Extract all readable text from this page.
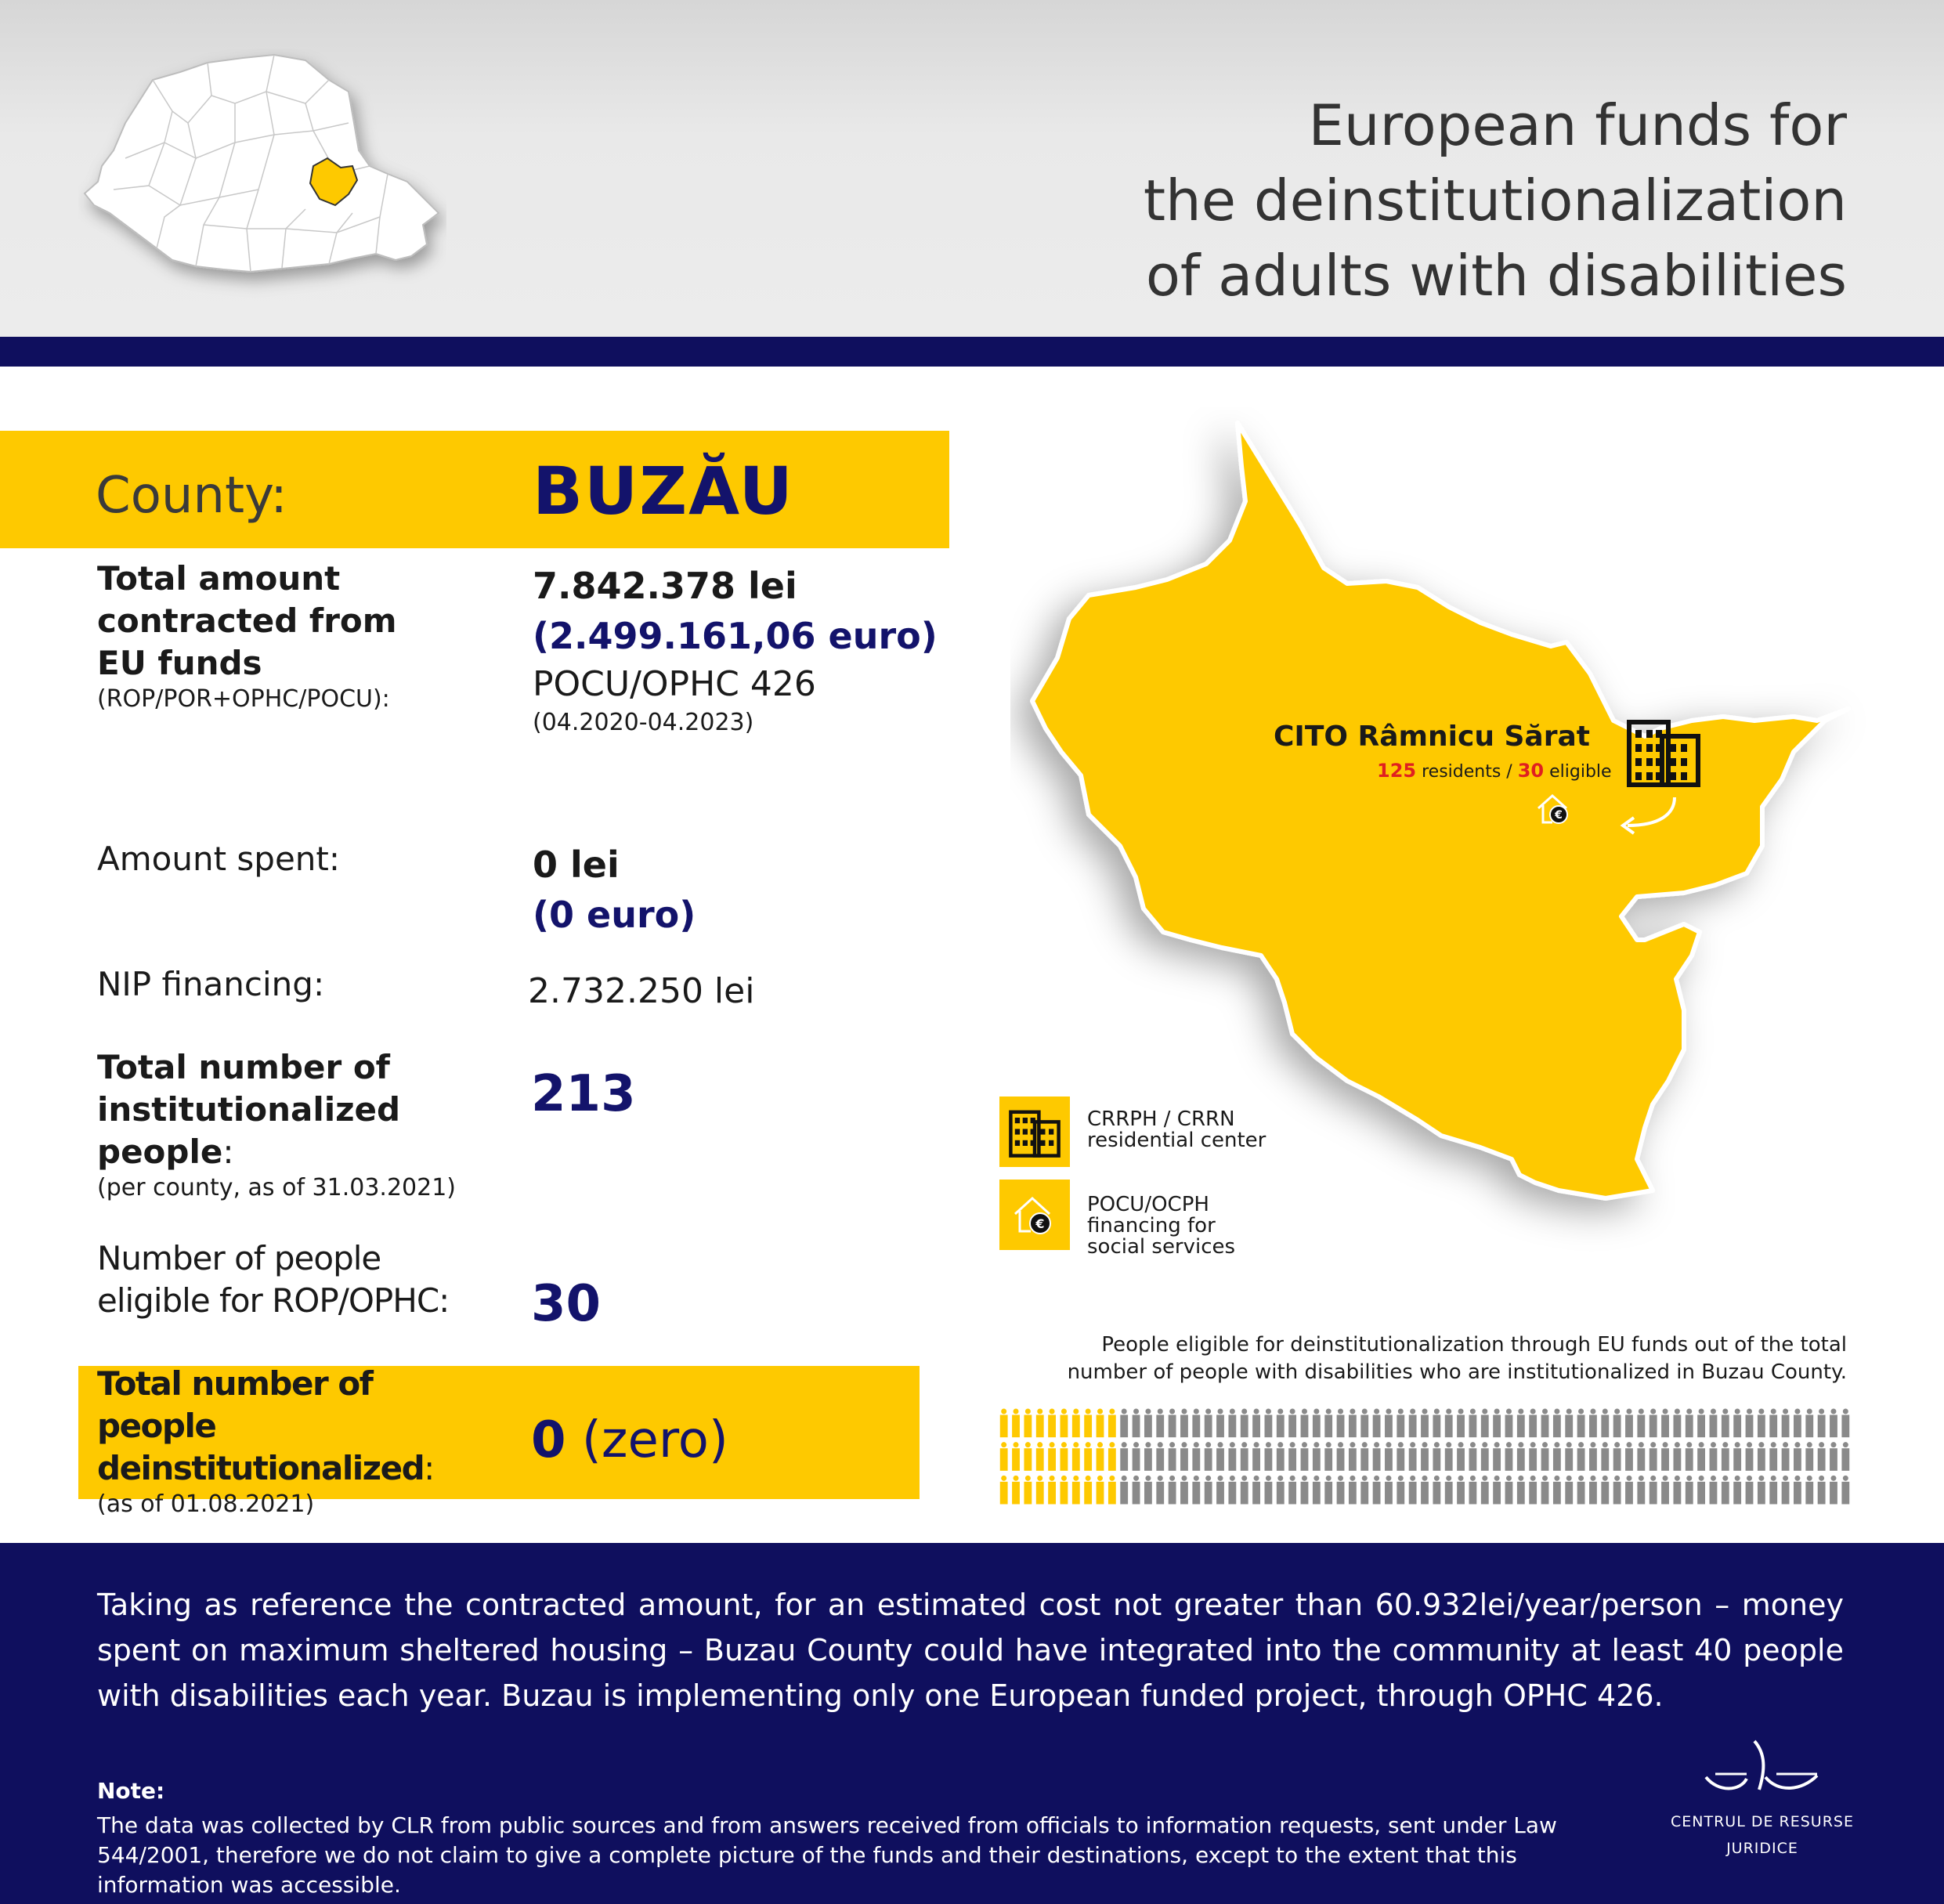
European funds for
the deinstitutionalization
of adults with disabilities
County:	BUZĂU
Total amount
contracted from
EU funds
(ROP/POR+OPHC/POCU):
7.842.378 lei
(2.499.161,06 euro)
POCU/OPHC 426
(04.2020-04.2023)
Amount spent:	0 lei
(0 euro)
NIP financing:	2.732.250 lei
Total number of
institutionalized
people:
(per county, as of 31.03.2021)
213
Number of people
eligible for ROP/OPHC: 30
Total number of
people
deinstitutionalized:
(as of 01.08.2021)
0 (zero)
CITO Râmnicu Sărat
125 residents / 30 eligible
€
CRRPH / CRRN
residential center
€
POCU/OCPH
financing for
social services
People eligible for deinstitutionalization through EU funds out of the total
number of people with disabilities who are institutionalized in Buzau County.
Taking as reference the contracted amount, for an estimated cost not greater than 60.932lei/year/person – money spent on maximum sheltered housing – Buzau County could have integrated into the community at least 40 people with disabilities each year. Buzau is implementing only one European funded project, through OPHC 426.
Note:
The data was collected by CLR from public sources and from answers received from officials to information requests, sent under Law 544/2001, therefore we do not claim to give a complete picture of the funds and their destinations, except to the extent that this information was accessible.
CENTRUL DE RESURSE
JURIDICE
